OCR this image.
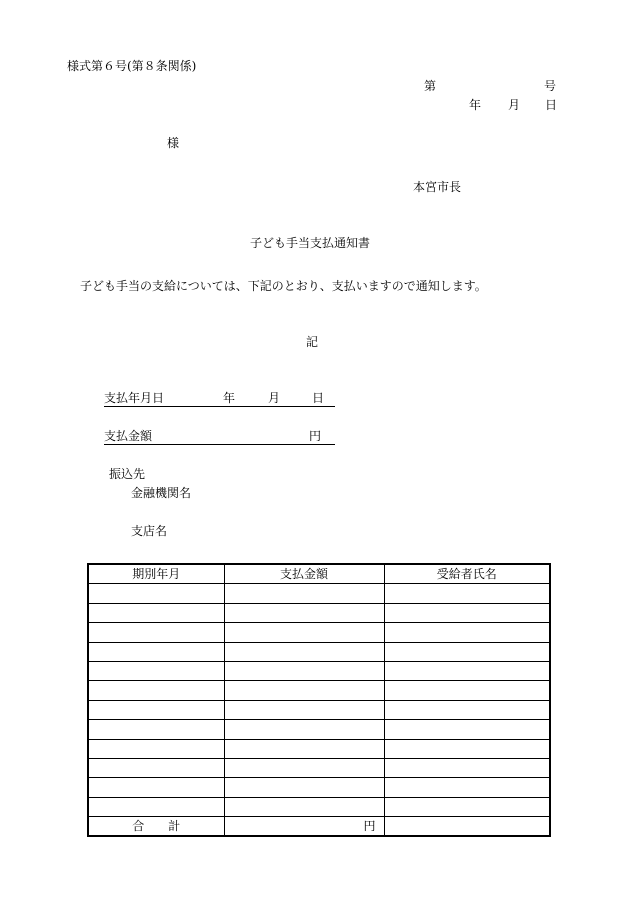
様式第６号(第８条関係)
第	号
年 月 日
様
本宮市長
子ども手当支払通知書
子ども手当の支給については、下記のとおり、支払いますので通知します。
記
支払年月日	年	月	日
支払金額	円
振込先
金融機関名
支店名
期別年月	支払金額	受給者氏名

合　　計	円	
